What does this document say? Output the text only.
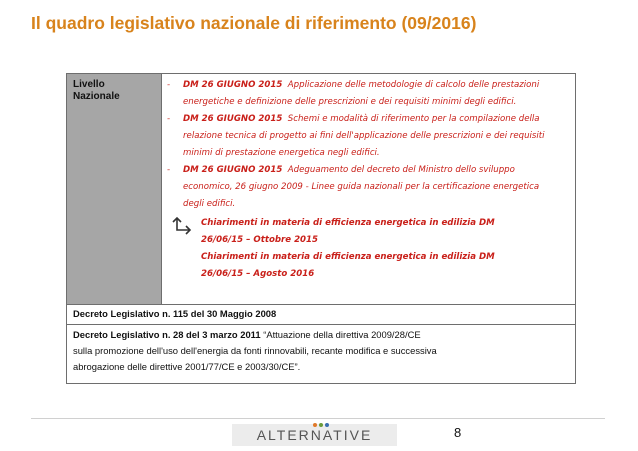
Il quadro legislativo nazionale di riferimento (09/2016)
Livello
Nazionale
- DM 26 GIUGNO 2015 Applicazione delle metodologie di calcolo delle prestazioni
energetiche e definizione delle prescrizioni e dei requisiti minimi degli edifici.
- DM 26 GIUGNO 2015 Schemi e modalità di riferimento per la compilazione della
relazione tecnica di progetto ai fini dell'applicazione delle prescrizioni e dei requisiti
minimi di prestazione energetica negli edifici.
- DM 26 GIUGNO 2015 Adeguamento del decreto del Ministro dello sviluppo
economico, 26 giugno 2009 - Linee guida nazionali per la certificazione energetica
degli edifici.

Chiarimenti in materia di efficienza energetica in edilizia DM

26/06/15 – Ottobre 2015

Chiarimenti in materia di efficienza energetica in edilizia DM

26/06/15 – Agosto 2016

Decreto Legislativo n. 115 del 30 Maggio 2008
Decreto Legislativo n. 28 del 3 marzo 2011 “Attuazione della direttiva 2009/28/CE
sulla promozione dell'uso dell'energia da fonti rinnovabili, recante modifica e successiva
abrogazione delle direttive 2001/77/CE e 2003/30/CE”.
ALTERNATIVE	8
